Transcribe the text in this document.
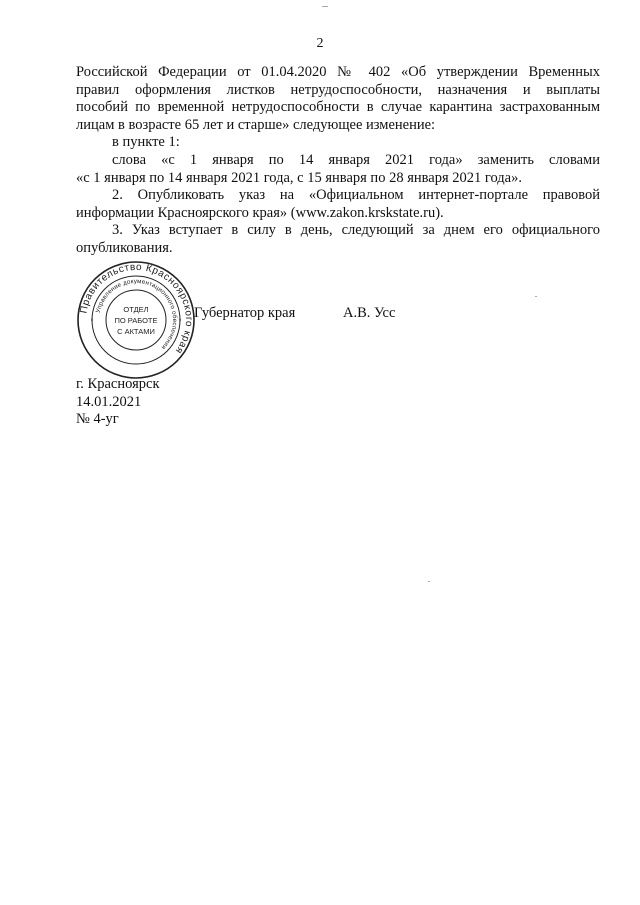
2

Российской Федерации от 01.04.2020 № 402 «Об утверждении Временных

правил оформления листков нетрудоспособности, назначения и выплаты

пособий по временной нетрудоспособности в случае карантина застрахованным

лицам в возрасте 65 лет и старше» следующее изменение:

в пункте 1:

слова «с 1 января по 14 января 2021 года» заменить словами

«с 1 января по 14 января 2021 года, с 15 января по 28 января 2021 года».

2. Опубликовать указ на «Официальном интернет-портале правовой

информации Красноярского края» (www.zakon.krskstate.ru).

3. Указ вступает в силу в день, следующий за днем его официального

опубликования.

Правительство Красноярского края
Управление документационного обеспечения
ОТДЕЛ
ПО РАБОТЕ
С АКТАМИ
*	*
Губернатор края	А.В. Усс
г. Красноярск
14.01.2021
№ 4-уг
